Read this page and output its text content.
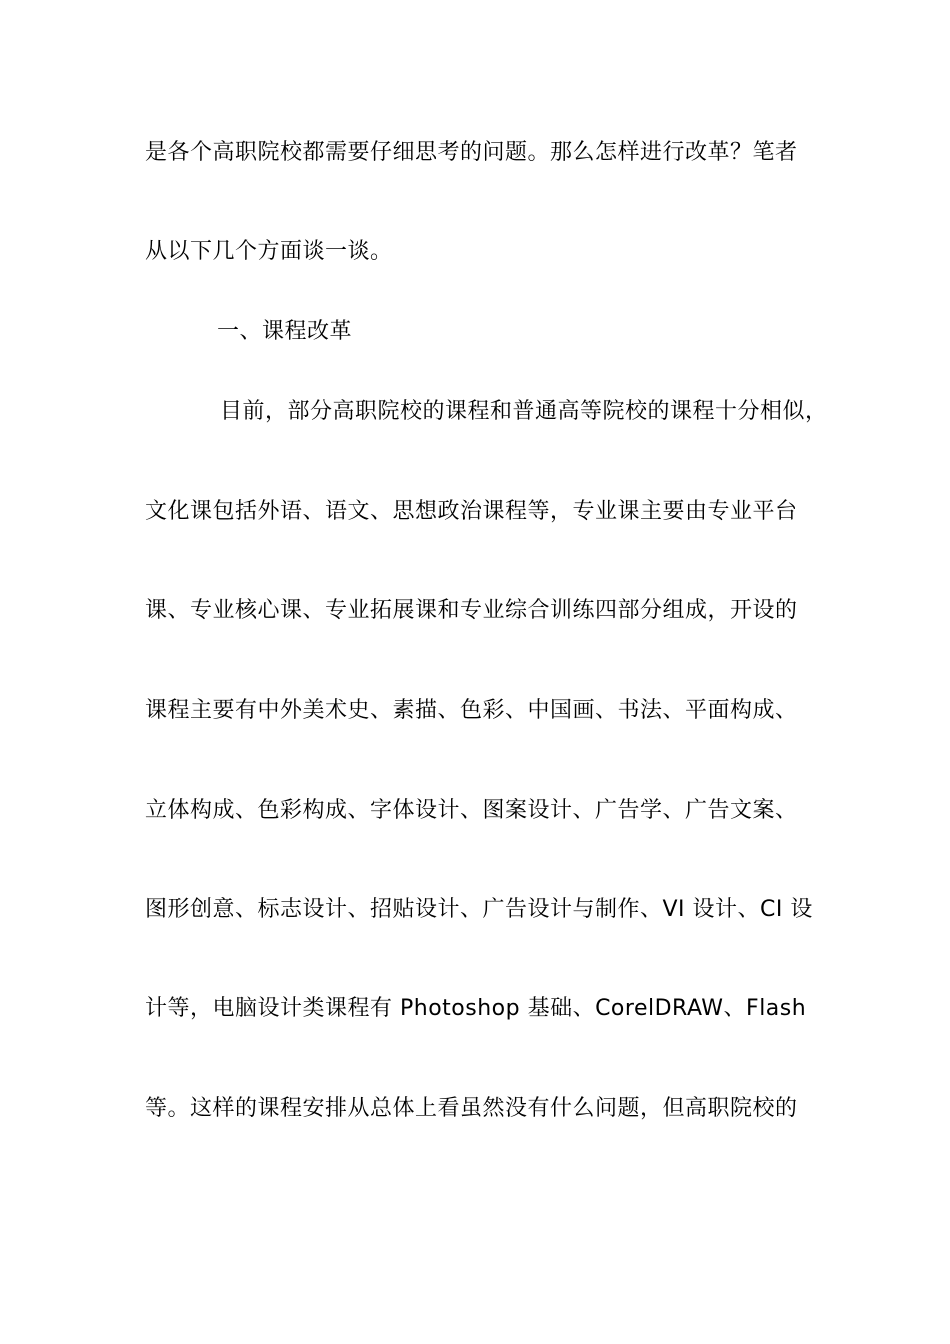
是各个高职院校都需要仔细思考的问题。那么怎样进行改革？笔者
从以下几个方面谈一谈。
一、课程改革
目前，部分高职院校的课程和普通高等院校的课程十分相似，
文化课包括外语、语文、思想政治课程等，专业课主要由专业平台
课、专业核心课、专业拓展课和专业综合训练四部分组成，开设的
课程主要有中外美术史、素描、色彩、中国画、书法、平面构成、
立体构成、色彩构成、字体设计、图案设计、广告学、广告文案、
图形创意、标志设计、招贴设计、广告设计与制作、VI 设计、CI 设
计等，电脑设计类课程有 Photoshop 基础、CorelDRAW、Flash
等。这样的课程安排从总体上看虽然没有什么问题，但高职院校的
